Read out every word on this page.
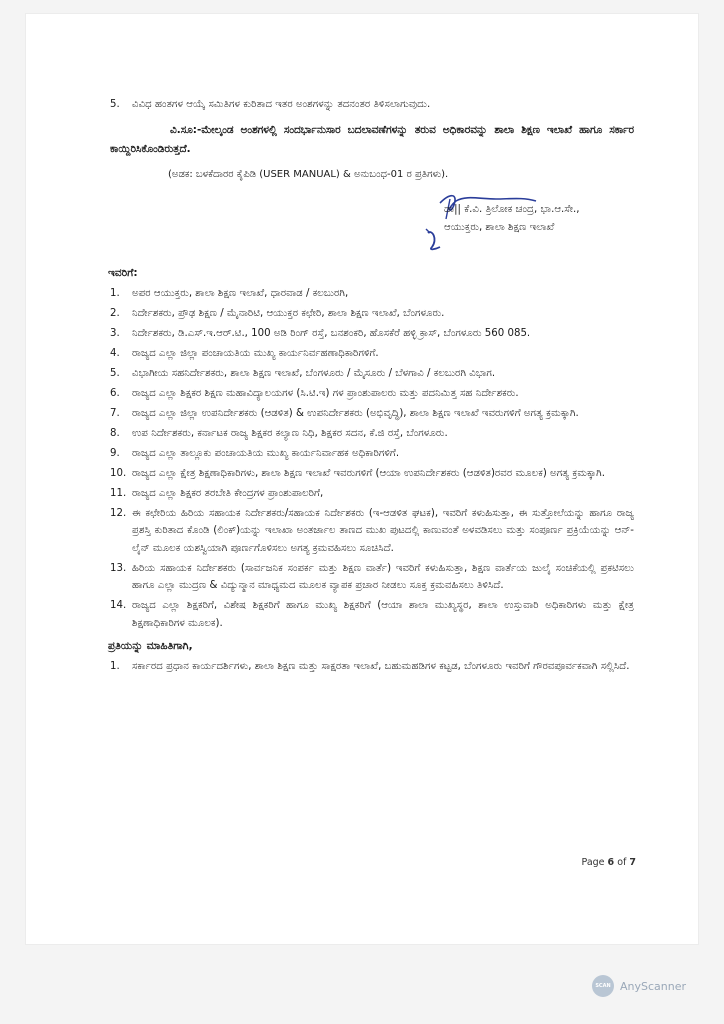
5.	ವಿವಿಧ ಹಂತಗಳ ಆಯ್ಕೆ ಸಮಿತಿಗಳ ಕುರಿತಾದ ಇತರ ಅಂಶಗಳನ್ನು ತದನಂತರ ತಿಳಿಸಲಾಗುವುದು.
ವಿ.ಸೂ:-ಮೇಲ್ಕಂಡ ಅಂಶಗಳಲ್ಲಿ ಸಂದರ್ಭಾನುಸಾರ ಬದಲಾವಣೆಗಳನ್ನು ತರುವ ಅಧಿಕಾರವನ್ನು ಶಾಲಾ ಶಿಕ್ಷಣ ಇಲಾಖೆ ಹಾಗೂ ಸರ್ಕಾರ ಕಾಯ್ದಿರಿಸಿಕೊಂಡಿರುತ್ತದೆ.
(ಅಡಕ: ಬಳಕೆದಾರರ ಕೈಪಿಡಿ (USER MANUAL) & ಅನುಬಂಧ-01 ರ ಪ್ರತಿಗಳು).
ಡಾ|| ಕೆ.ವಿ. ತ್ರಿಲೋಕ ಚಂದ್ರ, ಭಾ.ಆ.ಸೇ.,
ಆಯುಕ್ತರು, ಶಾಲಾ ಶಿಕ್ಷಣ ಇಲಾಖೆ
ಇವರಿಗೆ:
1.	ಅಪರ ಆಯುಕ್ತರು, ಶಾಲಾ ಶಿಕ್ಷಣ ಇಲಾಖೆ, ಧಾರವಾಡ / ಕಲಬುರಗಿ,
2.	ನಿರ್ದೇಶಕರು, ಪ್ರೌಢ ಶಿಕ್ಷಣ / ಮೈನಾರಿಟಿ, ಆಯುಕ್ತರ ಕಛೇರಿ, ಶಾಲಾ ಶಿಕ್ಷಣ ಇಲಾಖೆ, ಬೆಂಗಳೂರು.
3.	ನಿರ್ದೇಶಕರು, ಡಿ.ಎಸ್.ಇ.ಆರ್.ಟಿ., 100 ಅಡಿ ರಿಂಗ್ ರಸ್ತೆ, ಬನಶಂಕರಿ, ಹೊಸಕೆರೆ ಹಳ್ಳಿ ಕ್ರಾಸ್, ಬೆಂಗಳೂರು 560 085.
4.	ರಾಜ್ಯದ ಎಲ್ಲಾ ಜಿಲ್ಲಾ ಪಂಚಾಯತಿಯ ಮುಖ್ಯ ಕಾರ್ಯನಿರ್ವಹಣಾಧಿಕಾರಿಗಳಿಗೆ.
5.	ವಿಭಾಗೀಯ ಸಹನಿರ್ದೇಶಕರು, ಶಾಲಾ ಶಿಕ್ಷಣ ಇಲಾಖೆ, ಬೆಂಗಳೂರು / ಮೈಸೂರು / ಬೆಳಗಾವಿ / ಕಲಬುರಗಿ ವಿಭಾಗ.
6.	ರಾಜ್ಯದ ಎಲ್ಲಾ ಶಿಕ್ಷಕರ ಶಿಕ್ಷಣ ಮಹಾವಿದ್ಯಾಲಯಗಳ (ಸಿ.ಟಿ.ಇ) ಗಳ ಪ್ರಾಂಶುಪಾಲರು ಮತ್ತು ಪದನಿಮಿತ್ತ ಸಹ ನಿರ್ದೇಶಕರು.
7.	ರಾಜ್ಯದ ಎಲ್ಲಾ ಜಿಲ್ಲಾ ಉಪನಿರ್ದೇಶಕರು (ಆಡಳಿತ) & ಉಪನಿರ್ದೇಶಕರು (ಅಭಿವೃದ್ಧಿ), ಶಾಲಾ ಶಿಕ್ಷಣ ಇಲಾಖೆ ಇವರುಗಳಿಗೆ ಅಗತ್ಯ ಕ್ರಮಕ್ಕಾಗಿ.
8.	ಉಪ ನಿರ್ದೇಶಕರು, ಕರ್ನಾಟಕ ರಾಜ್ಯ ಶಿಕ್ಷಕರ ಕಲ್ಯಾಣ ನಿಧಿ, ಶಿಕ್ಷಕರ ಸದನ, ಕೆ.ಜಿ ರಸ್ತೆ, ಬೆಂಗಳೂರು.
9.	ರಾಜ್ಯದ ಎಲ್ಲಾ ತಾಲ್ಲೂಕು ಪಂಚಾಯತಿಯ ಮುಖ್ಯ ಕಾರ್ಯನಿರ್ವಾಹಕ ಅಧಿಕಾರಿಗಳಿಗೆ.
10. ರಾಜ್ಯದ ಎಲ್ಲಾ ಕ್ಷೇತ್ರ ಶಿಕ್ಷಣಾಧಿಕಾರಿಗಳು, ಶಾಲಾ ಶಿಕ್ಷಣ ಇಲಾಖೆ ಇವರುಗಳಿಗೆ (ಆಯಾ ಉಪನಿರ್ದೇಶಕರು (ಆಡಳಿತ)ರವರ ಮೂಲಕ) ಅಗತ್ಯ ಕ್ರಮಕ್ಕಾಗಿ.
11. ರಾಜ್ಯದ ಎಲ್ಲಾ ಶಿಕ್ಷಕರ ತರಬೇತಿ ಕೇಂದ್ರಗಳ ಪ್ರಾಂಶುಪಾಲರಿಗೆ,
12. ಈ ಕಛೇರಿಯ ಹಿರಿಯ ಸಹಾಯಕ ನಿರ್ದೇಶಕರು/ಸಹಾಯಕ ನಿರ್ದೇಶಕರು (ಇ-ಆಡಳಿತ ಘಟಕ), ಇವರಿಗೆ ಕಳುಹಿಸುತ್ತಾ, ಈ ಸುತ್ತೋಲೆಯನ್ನು ಹಾಗೂ ರಾಜ್ಯ ಪ್ರಶಸ್ತಿ ಕುರಿತಾದ ಕೊಂಡಿ (ಲಿಂಕ್)ಯನ್ನು ಇಲಾಖಾ ಅಂತರ್ಜಾಲ ತಾಣದ ಮುಖ ಪುಟದಲ್ಲಿ ಕಾಣುವಂತೆ ಅಳವಡಿಸಲು ಮತ್ತು ಸಂಪೂರ್ಣ ಪ್ರಕ್ರಿಯೆಯನ್ನು ಆನ್-ಲೈನ್ ಮೂಲಕ ಯಶಸ್ವಿಯಾಗಿ ಪೂರ್ಣಗೊಳಿಸಲು ಅಗತ್ಯ ಕ್ರಮವಹಿಸಲು ಸೂಚಿಸಿದೆ.
13. ಹಿರಿಯ ಸಹಾಯಕ ನಿರ್ದೇಶಕರು (ಸಾರ್ವಜನಿಕ ಸಂಪರ್ಕ ಮತ್ತು ಶಿಕ್ಷಣ ವಾರ್ತೆ) ಇವರಿಗೆ ಕಳುಹಿಸುತ್ತಾ, ಶಿಕ್ಷಣ ವಾರ್ತೆಯ ಜುಲೈ ಸಂಚಿಕೆಯಲ್ಲಿ ಪ್ರಕಟಿಸಲು ಹಾಗೂ ಎಲ್ಲಾ ಮುದ್ರಣ & ವಿದ್ಯುನ್ಮಾನ ಮಾಧ್ಯಮದ ಮೂಲಕ ವ್ಯಾಪಕ ಪ್ರಚಾರ ನೀಡಲು ಸೂಕ್ತ ಕ್ರಮವಹಿಸಲು ತಿಳಿಸಿದೆ.
14. ರಾಜ್ಯದ ಎಲ್ಲಾ ಶಿಕ್ಷಕರಿಗೆ, ವಿಶೇಷ ಶಿಕ್ಷಕರಿಗೆ ಹಾಗೂ ಮುಖ್ಯ ಶಿಕ್ಷಕರಿಗೆ (ಆಯಾ ಶಾಲಾ ಮುಖ್ಯಸ್ಥರ, ಶಾಲಾ ಉಸ್ತುವಾರಿ ಅಧಿಕಾರಿಗಳು ಮತ್ತು ಕ್ಷೇತ್ರ ಶಿಕ್ಷಣಾಧಿಕಾರಿಗಳ ಮೂಲಕ).
ಪ್ರತಿಯನ್ನು ಮಾಹಿತಿಗಾಗಿ,
1.	ಸರ್ಕಾರದ ಪ್ರಧಾನ ಕಾರ್ಯದರ್ಶಿಗಳು, ಶಾಲಾ ಶಿಕ್ಷಣ ಮತ್ತು ಸಾಕ್ಷರತಾ ಇಲಾಖೆ, ಬಹುಮಹಡಿಗಳ ಕಟ್ಟಡ, ಬೆಂಗಳೂರು ಇವರಿಗೆ ಗೌರವಪೂರ್ವಕವಾಗಿ ಸಲ್ಲಿಸಿದೆ.
Page 6 of 7
SCAN AnyScanner
